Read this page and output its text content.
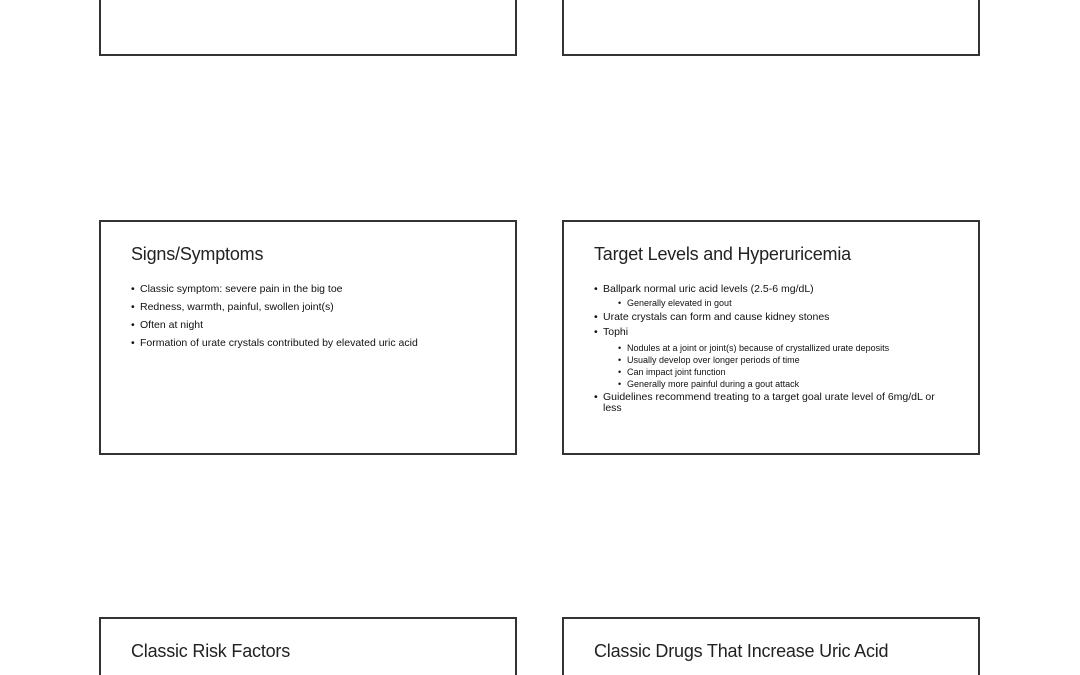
Signs/Symptoms
• Classic symptom: severe pain in the big toe
• Redness, warmth, painful, swollen joint(s)
• Often at night
• Formation of urate crystals contributed by elevated uric acid
Target Levels and Hyperuricemia
• Ballpark normal uric acid levels (2.5-6 mg/dL)
• Generally elevated in gout
• Urate crystals can form and cause kidney stones
• Tophi
• Nodules at a joint or joint(s) because of crystallized urate deposits
• Usually develop over longer periods of time
• Can impact joint function
• Generally more painful during a gout attack
• Guidelines recommend treating to a target goal urate level of 6mg/dL or less
Classic Risk Factors	Classic Drugs That Increase Uric Acid
